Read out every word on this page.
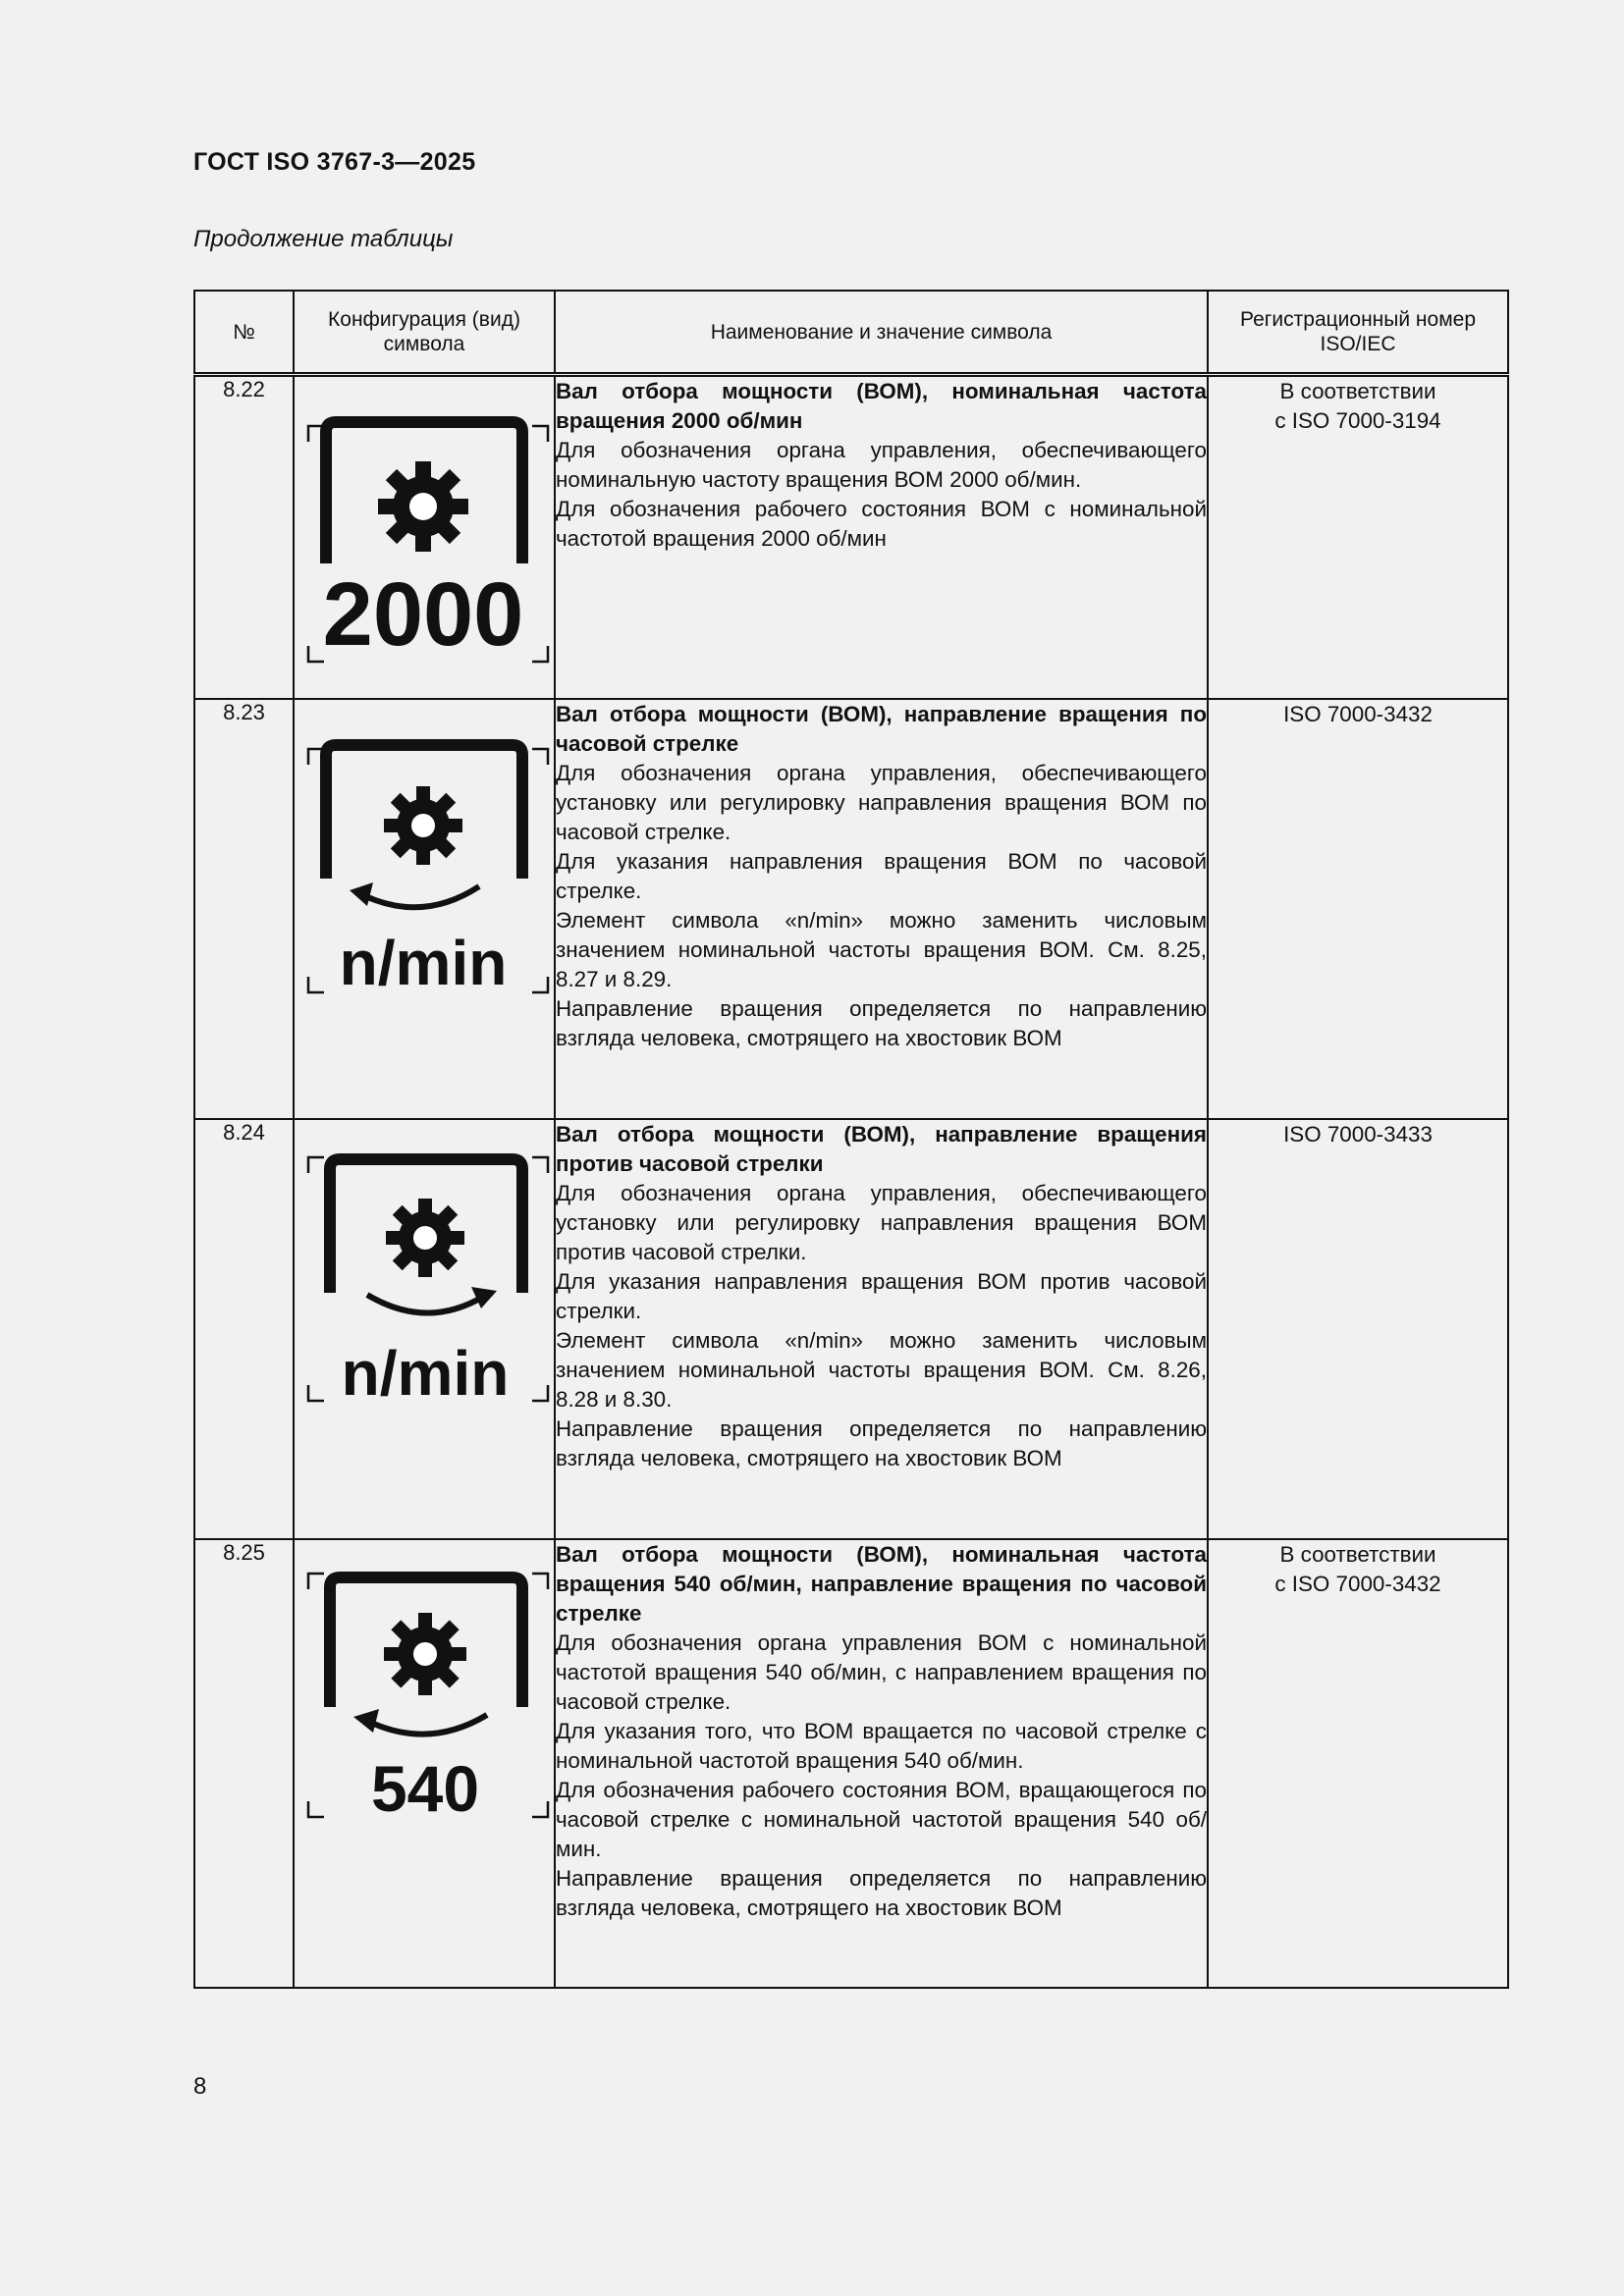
ГОСТ ISO 3767-3—2025
Продолжение таблицы
№	Конфигурация (вид) символа	Наименование и значение символа	Регистрационный номер ISO/IEC
8.22	2000	Вал отбора мощности (ВОМ), номинальная частота вращения 2000 об/мин
Для обозначения органа управления, обеспечивающего номинальную частоту вращения ВОМ 2000 об/мин.
Для обозначения рабочего состояния ВОМ с номинальной частотой вращения 2000 об/мин	В соответствии
с ISO 7000-3194

8.23	n/min	Вал отбора мощности (ВОМ), направление вращения по часовой стрелке
Для обозначения органа управления, обеспечивающего установку или регулировку направления вращения ВОМ по часовой стрелке.
Для указания направления вращения ВОМ по часовой стрелке.
Элемент символа «n/min» можно заменить числовым значением номинальной частоты вращения ВОМ. См. 8.25, 8.27 и 8.29.
Направление вращения определяется по направлению взгляда человека, смотрящего на хвостовик ВОМ	ISO 7000-3432

8.24	n/min	Вал отбора мощности (ВОМ), направление вращения против часовой стрелки
Для обозначения органа управления, обеспечивающего установку или регулировку направления вращения ВОМ против часовой стрелки.
Для указания направления вращения ВОМ против часовой стрелки.
Элемент символа «n/min» можно заменить числовым значением номинальной частоты вращения ВОМ. См. 8.26, 8.28 и 8.30.
Направление вращения определяется по направлению взгляда человека, смотрящего на хвостовик ВОМ	ISO 7000-3433

8.25	540	Вал отбора мощности (ВОМ), номинальная частота вращения 540 об/мин, направление вращения по часовой стрелке
Для обозначения органа управления ВОМ с номинальной частотой вращения 540 об/мин, с направлением вращения по часовой стрелке.
Для указания того, что ВОМ вращается по часовой стрелке с номинальной частотой вращения 540 об/мин.
Для обозначения рабочего состояния ВОМ, вращающегося по часовой стрелке с номинальной частотой вращения 540 об/мин.
Направление вращения определяется по направлению взгляда человека, смотрящего на хвостовик ВОМ	В соответствии
с ISO 7000-3432
8
